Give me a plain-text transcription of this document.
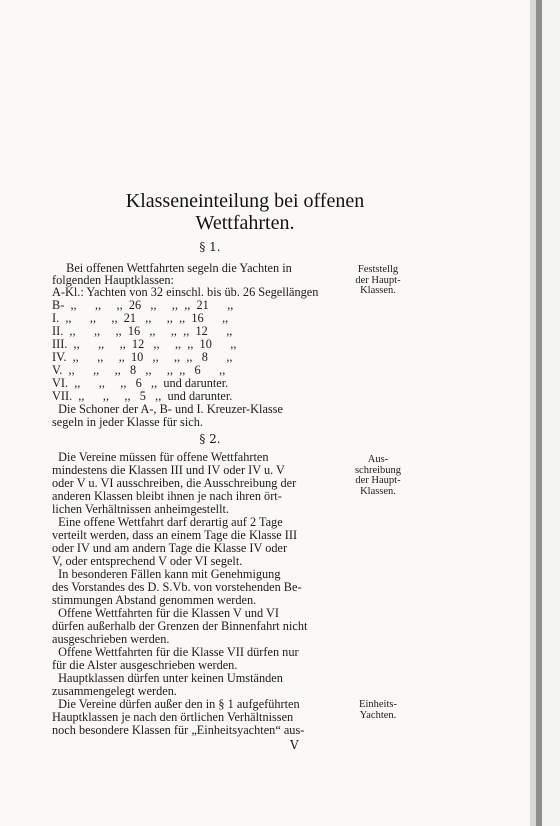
Klasseneinteilung bei offenen
Wettfahrten.
§ 1.
§ 2.
Bei offenen Wettfahrten segeln die Yachten in
folgenden Hauptklassen:
A-Kl.: Yachten von 32 einschl. bis üb. 26 Segellängen
B-  ,,      ,,     ,,  26   ,,     ,,  ,,  21      ,,
I.  ,,      ,,     ,,  21   ,,     ,,  ,,  16      ,,
II.  ,,      ,,     ,,  16   ,,     ,,  ,,  12      ,,
III.  ,,      ,,     ,,  12   ,,     ,,  ,,  10      ,,
IV.  ,,      ,,     ,,  10   ,,     ,,  ,,   8      ,,
V.  ,,      ,,     ,,   8   ,,     ,,  ,,   6      ,,
VI.  ,,      ,,     ,,   6   ,,  und darunter.
VII.  ,,      ,,     ,,   5   ,,  und darunter.
Die Schoner der A-, B- und I. Kreuzer-Klasse
segeln in jeder Klasse für sich.
Die Vereine müssen für offene Wettfahrten
mindestens die Klassen III und IV oder IV u. V
oder V u. VI ausschreiben, die Ausschreibung der
anderen Klassen bleibt ihnen je nach ihren ört-
lichen Verhältnissen anheimgestellt.
Eine offene Wettfahrt darf derartig auf 2 Tage
verteilt werden, dass an einem Tage die Klasse III
oder IV und am andern Tage die Klasse IV oder
V, oder entsprechend V oder VI segelt.
In besonderen Fällen kann mit Genehmigung
des Vorstandes des D. S.Vb. von vorstehenden Be-
stimmungen Abstand genommen werden.
Offene Wettfahrten für die Klassen V und VI
dürfen außerhalb der Grenzen der Binnenfahrt nicht
ausgeschrieben werden.
Offene Wettfahrten für die Klasse VII dürfen nur
für die Alster ausgeschrieben werden.
Hauptklassen dürfen unter keinen Umständen
zusammengelegt werden.
Die Vereine dürfen außer den in § 1 aufgeführten
Hauptklassen je nach den örtlichen Verhältnissen
noch besondere Klassen für „Einheitsyachten“ aus-
Feststellg
der Haupt-
Klassen.
Aus-
schreibung
der Haupt-
Klassen.
Einheits-
Yachten.
V
